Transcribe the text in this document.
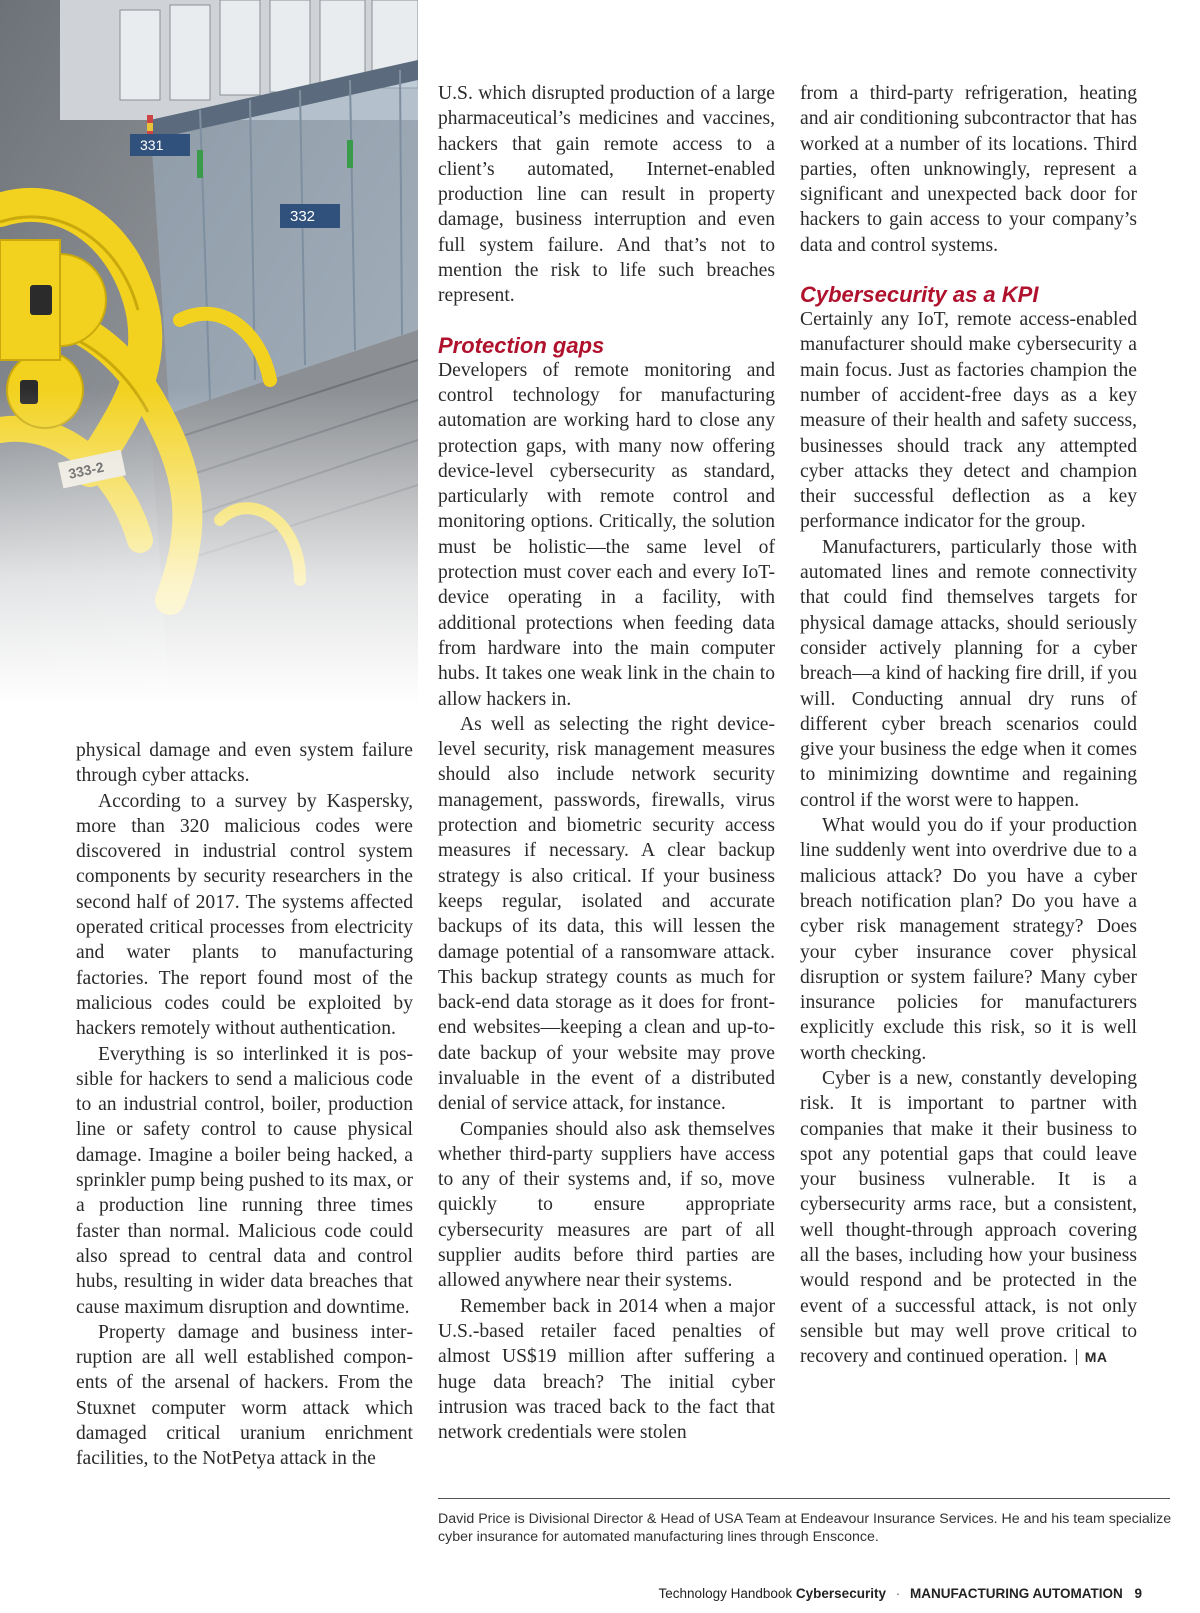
physical damage and even system failure through cyber attacks.

According to a survey by Kaspersky, more than 320 malicious codes were discovered in industrial control system components by security researchers in the second half of 2017. The systems affected operated critical processes from electricity and water plants to manufacturing factories. The report found most of the malicious codes could be exploited by hackers remotely without authentication.

Everything is so interlinked it is possible for hackers to send a malicious code to an industrial control, boiler, production line or safety control to cause physical damage. Imagine a boiler being hacked, a sprinkler pump being pushed to its max, or a production line running three times faster than normal. Malicious code could also spread to central data and control hubs, resulting in wider data breaches that cause maximum disruption and downtime.

Property damage and business interruption are all well established components of the arsenal of hackers. From the Stuxnet computer worm attack which damaged critical uranium enrichment facilities, to the NotPetya attack in the

U.S. which disrupted production of a large pharmaceutical’s medicines and vaccines, hackers that gain remote access to a client’s automated, Internet-enabled production line can result in property damage, business interruption and even full system failure. And that’s not to mention the risk to life such breaches represent.

Protection gaps

Developers of remote monitoring and control technology for manufacturing automation are working hard to close any protection gaps, with many now offering device-level cybersecurity as standard, particularly with remote control and monitoring options. Critically, the solution must be holistic—the same level of protection must cover each and every IoT-device operating in a facility, with additional protections when feeding data from hardware into the main computer hubs. It takes one weak link in the chain to allow hackers in.

As well as selecting the right device-level security, risk management measures should also include network security management, passwords, firewalls, virus protection and biometric security access measures if necessary. A clear backup strategy is also critical. If your business keeps regular, isolated and accurate backups of its data, this will lessen the damage potential of a ransomware attack. This backup strategy counts as much for back-end data storage as it does for front-end websites—keeping a clean and up-to-date backup of your website may prove invaluable in the event of a distributed denial of service attack, for instance.

Companies should also ask themselves whether third-party suppliers have access to any of their systems and, if so, move quickly to ensure appropriate cybersecurity measures are part of all supplier audits before third parties are allowed anywhere near their systems.

Remember back in 2014 when a major U.S.-based retailer faced penalties of almost US$19 million after suffering a huge data breach? The initial cyber intrusion was traced back to the fact that network credentials were stolen

from a third-party refrigeration, heating and air conditioning subcontractor that has worked at a number of its locations. Third parties, often unknowingly, represent a significant and unexpected back door for hackers to gain access to your company’s data and control systems.

Cybersecurity as a KPI

Certainly any IoT, remote access-enabled manufacturer should make cybersecurity a main focus. Just as factories champion the number of accident-free days as a key measure of their health and safety success, businesses should track any attempted cyber attacks they detect and champion their successful deflection as a key performance indicator for the group.

Manufacturers, particularly those with automated lines and remote connectivity that could find themselves targets for physical damage attacks, should seriously consider actively planning for a cyber breach—a kind of hacking fire drill, if you will. Conducting annual dry runs of different cyber breach scenarios could give your business the edge when it comes to minimizing downtime and regaining control if the worst were to happen.

What would you do if your production line suddenly went into overdrive due to a malicious attack? Do you have a cyber breach notification plan? Do you have a cyber risk management strategy? Does your cyber insurance cover physical disruption or system failure? Many cyber insurance policies for manufacturers explicitly exclude this risk, so it is well worth checking.

Cyber is a new, constantly developing risk. It is important to partner with companies that make it their business to spot any potential gaps that could leave your business vulnerable. It is a cybersecurity arms race, but a consistent, well thought-through approach covering all the bases, including how your business would respond and be protected in the event of a successful attack, is not only sensible but may well prove critical to recovery and continued operation. MA

David Price is Divisional Director & Head of USA Team at Endeavour Insurance Services. He and his team specialize cyber insurance for automated manufacturing lines through Ensconce.
Technology Handbook Cybersecurity · MANUFACTURING AUTOMATION 9
